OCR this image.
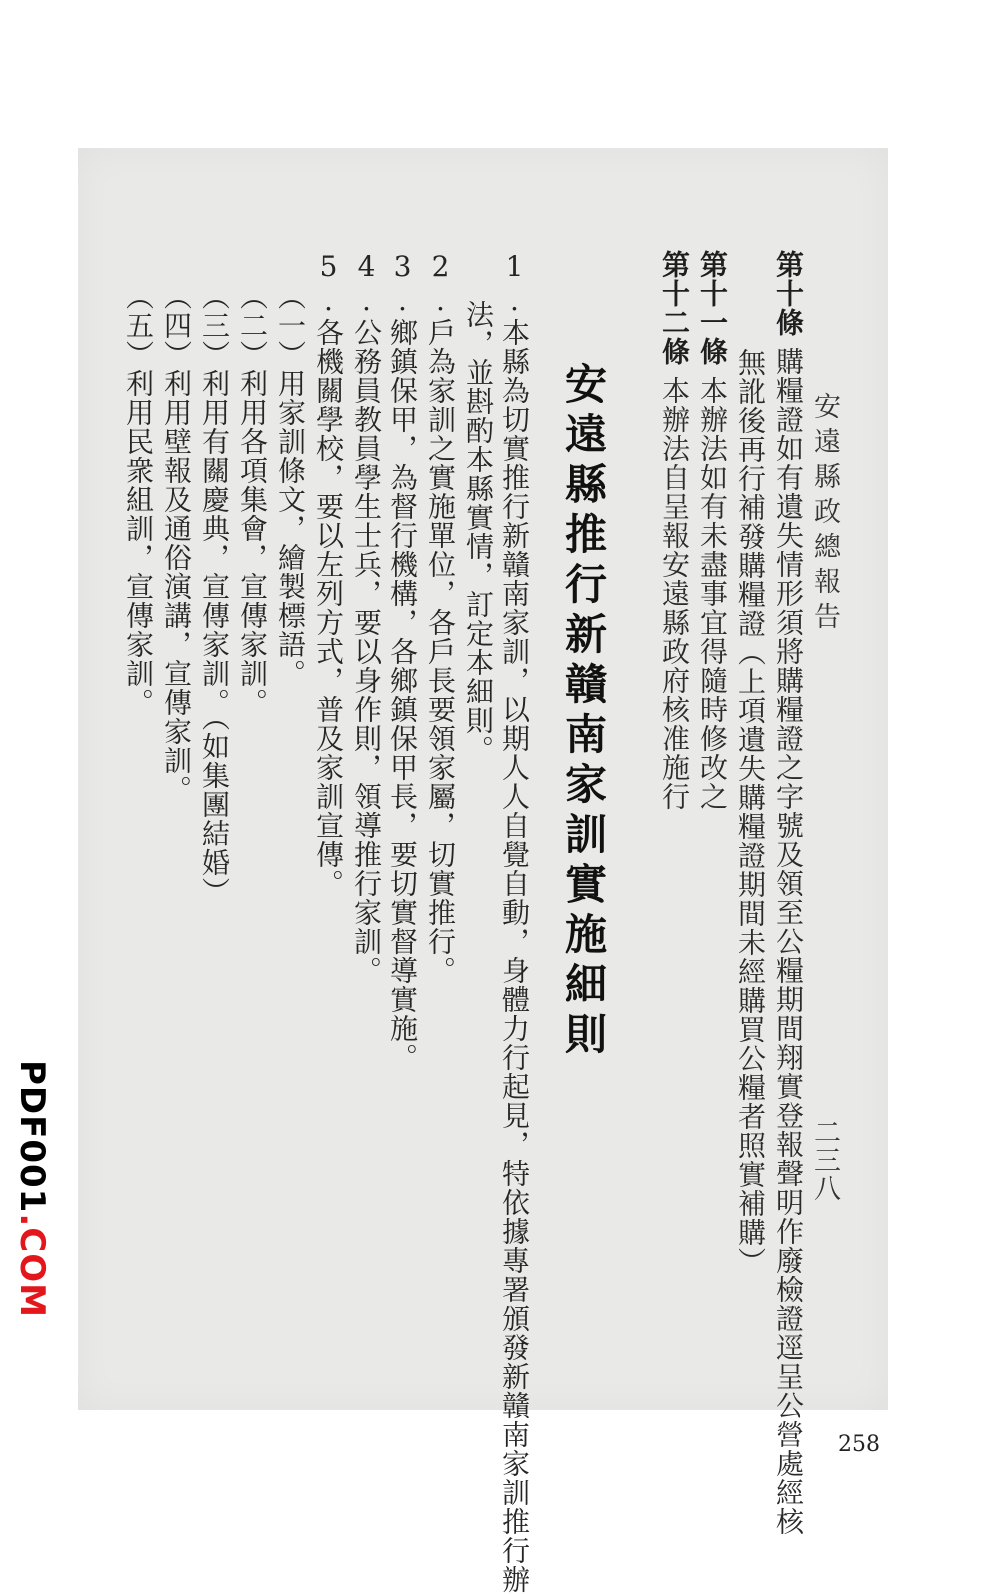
安遠縣政總報告
二三八
第十條購糧證如有遺失情形須將購糧證之字號及領至公糧期間翔實登報聲明作廢檢證逕呈公營處經核
無訛後再行補發購糧證（上項遺失購糧證期間未經購買公糧者照實補購）
第十一條本辦法如有未盡事宜得隨時修改之
第十二條本辦法自呈報安遠縣政府核准施行
安遠縣推行新贛南家訓實施細則
1.本縣為切實推行新贛南家訓，以期人人自覺自動，身體力行起見，特依據專署頒發新贛南家訓推行辦
法，並斟酌本縣實情，訂定本細則。
2.戶為家訓之實施單位，各戶長要領家屬，切實推行。
3.鄉鎮保甲，為督行機構，各鄉鎮保甲長，要切實督導實施。
4.公務員教員學生士兵，要以身作則，領導推行家訓。
5.各機關學校，要以左列方式，普及家訓宣傳。
（一）用家訓條文，繪製標語。
（二）利用各項集會，宣傳家訓。
（三）利用有關慶典，宣傳家訓。（如集團結婚）
（四）利用壁報及通俗演講，宣傳家訓。
（五）利用民衆組訓，宣傳家訓。
PDF001.COM
258
